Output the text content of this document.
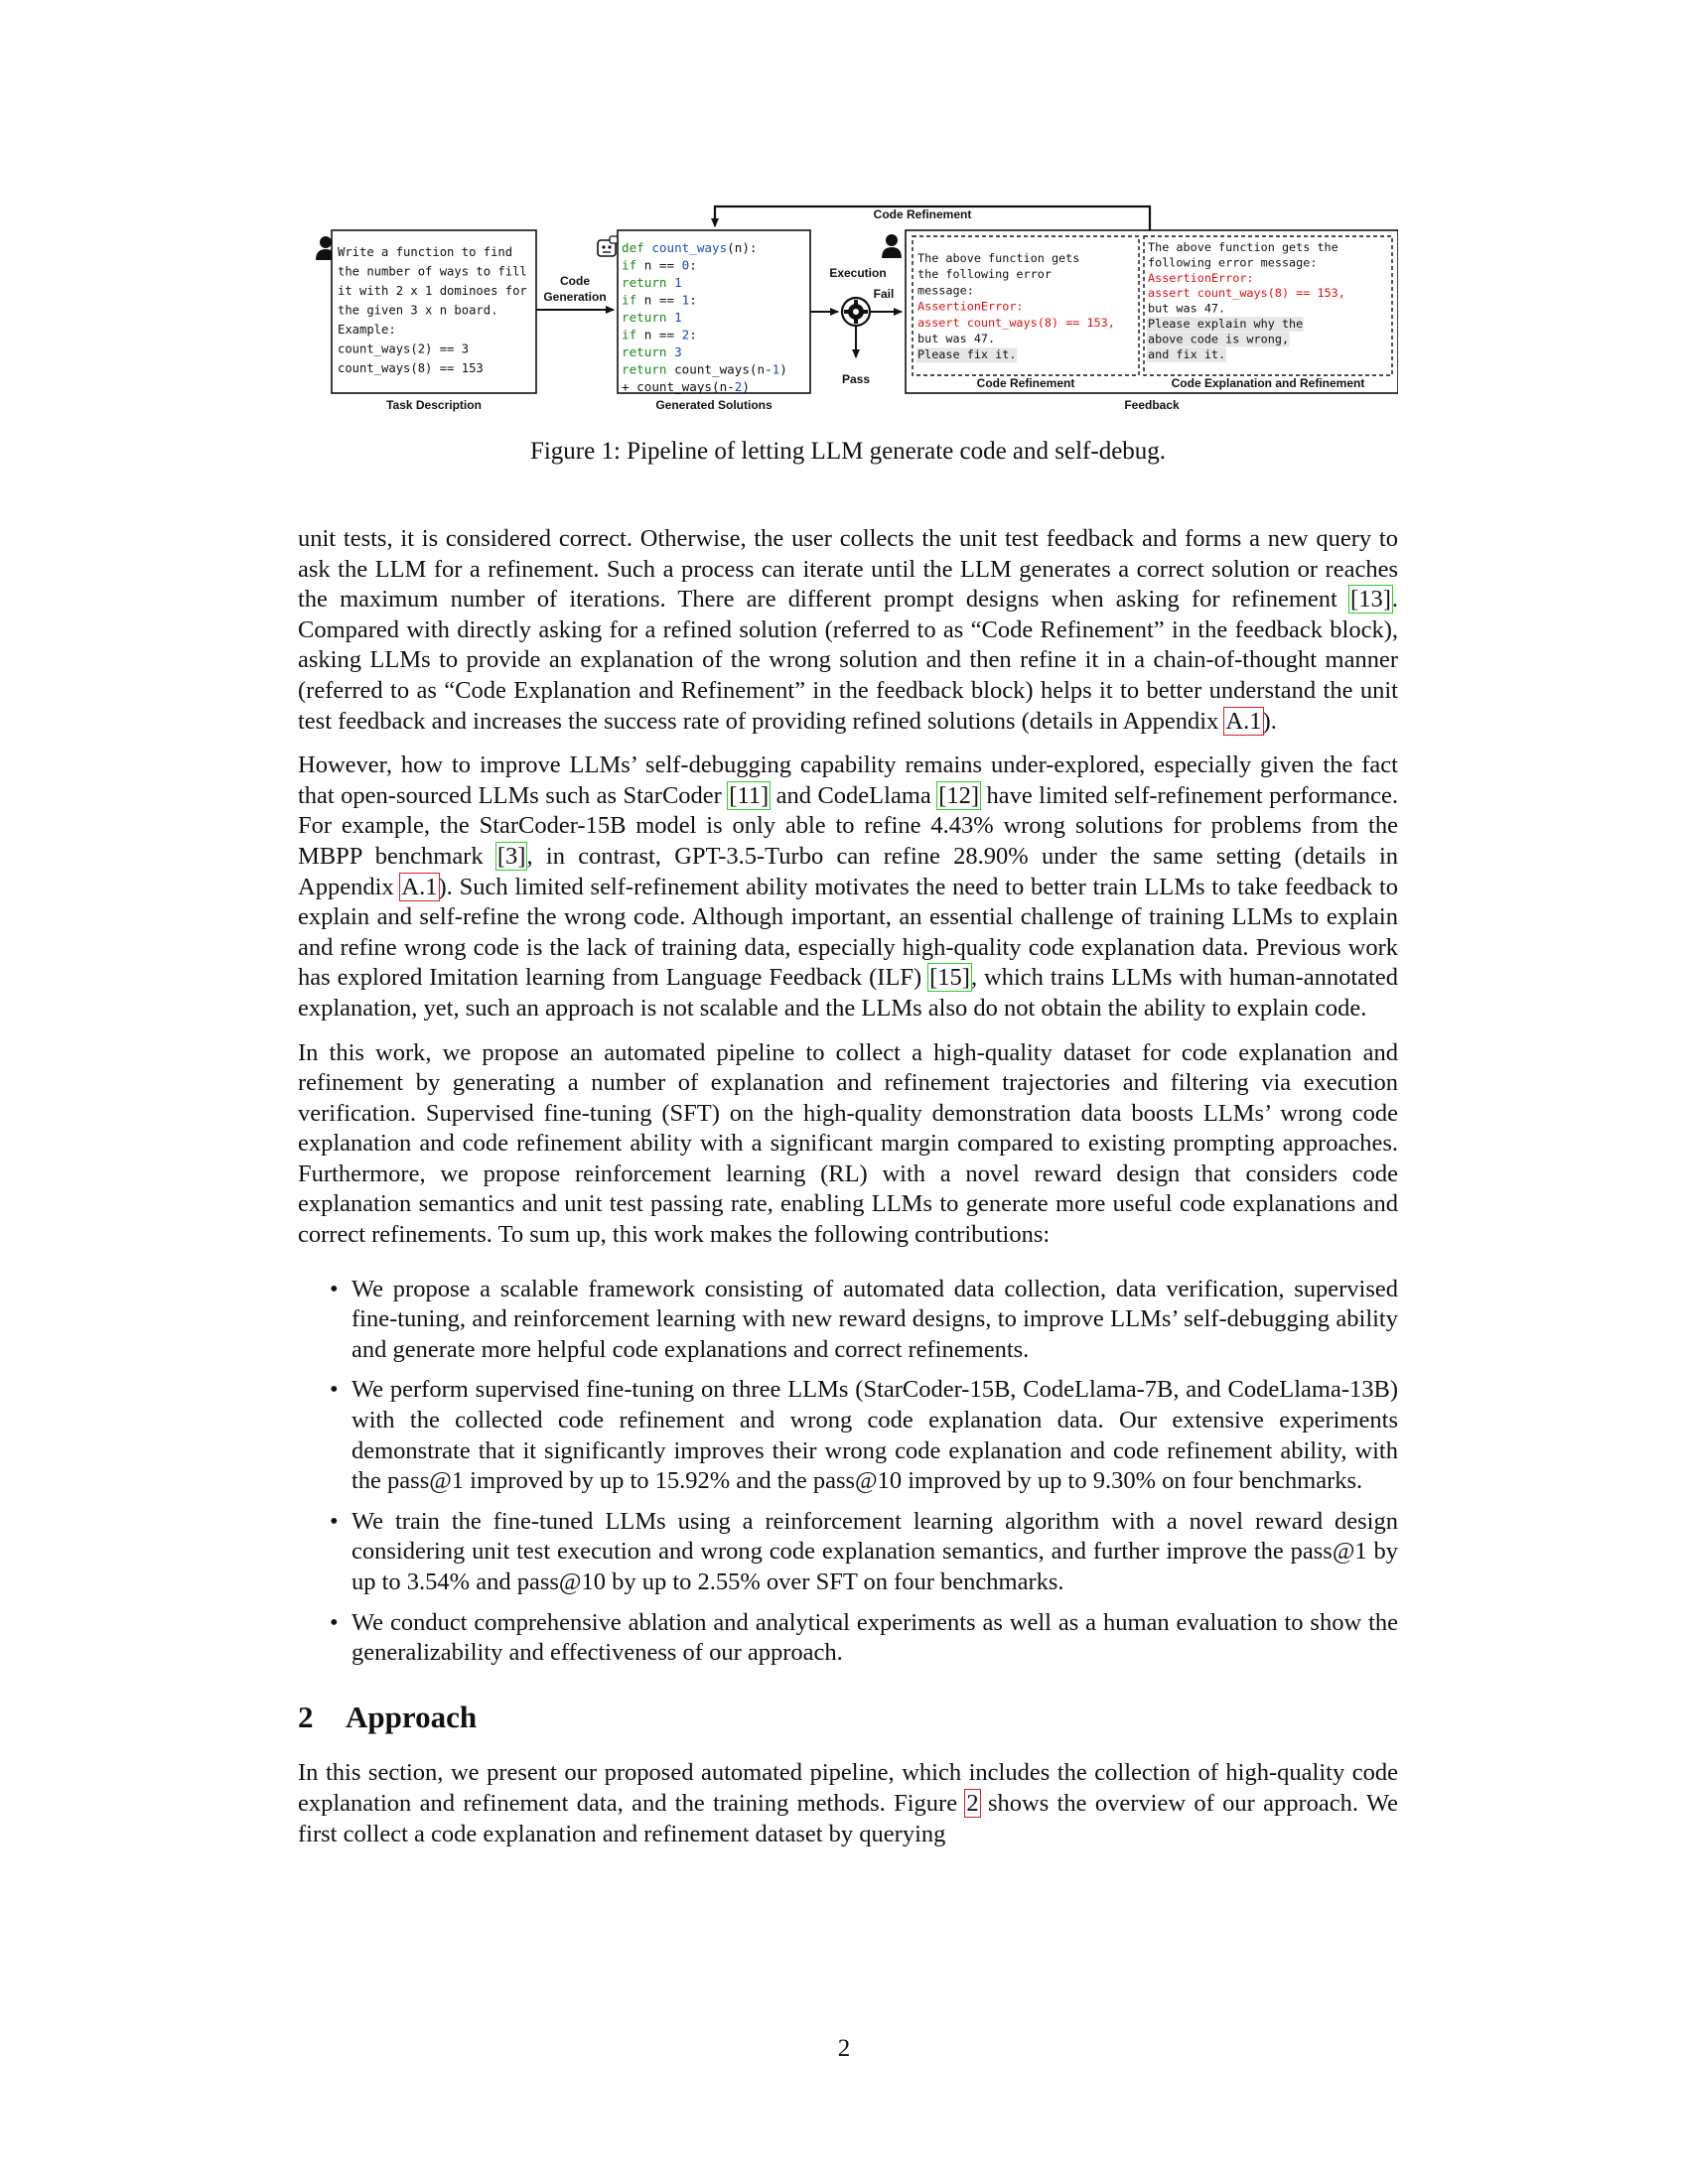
Code Refinement
Write a function to find
the number of ways to fill
it with 2 x 1 dominoes for
the given 3 x n board.
Example:
count_ways(2) == 3
count_ways(8) == 153
Task Description
Code
Generation
def count_ways(n):
if n == 0:
return 1
if n == 1:
return 1
if n == 2:
return 3
return count_ways(n-1)
+ count_ways(n-2)
Generated Solutions
Execution
Fail
Pass
The above function gets
the following error
message:
AssertionError:
assert count_ways(8) == 153,
but was 47.
Please fix it.
The above function gets the
following error message:
AssertionError:
assert count_ways(8) == 153,
but was 47.
Please explain why the
above code is wrong,
and fix it.
Code Refinement	Code Explanation and Refinement
Feedback
Figure 1: Pipeline of letting LLM generate code and self-debug.

unit tests, it is considered correct. Otherwise, the user collects the unit test feedback and forms a new query to ask the LLM for a refinement. Such a process can iterate until the LLM generates a correct solution or reaches the maximum number of iterations. There are different prompt designs when asking for refinement [13]. Compared with directly asking for a refined solution (referred to as “Code Refinement” in the feedback block), asking LLMs to provide an explanation of the wrong solution and then refine it in a chain-of-thought manner (referred to as “Code Explanation and Refinement” in the feedback block) helps it to better understand the unit test feedback and increases the success rate of providing refined solutions (details in Appendix A.1).

However, how to improve LLMs’ self-debugging capability remains under-explored, especially given the fact that open-sourced LLMs such as StarCoder [11] and CodeLlama [12] have limited self-refinement performance. For example, the StarCoder-15B model is only able to refine 4.43% wrong solutions for problems from the MBPP benchmark [3], in contrast, GPT-3.5-Turbo can refine 28.90% under the same setting (details in Appendix A.1). Such limited self-refinement ability motivates the need to better train LLMs to take feedback to explain and self-refine the wrong code. Although important, an essential challenge of training LLMs to explain and refine wrong code is the lack of training data, especially high-quality code explanation data. Previous work has explored Imitation learning from Language Feedback (ILF) [15], which trains LLMs with human-annotated explanation, yet, such an approach is not scalable and the LLMs also do not obtain the ability to explain code.

In this work, we propose an automated pipeline to collect a high-quality dataset for code explanation and refinement by generating a number of explanation and refinement trajectories and filtering via execution verification. Supervised fine-tuning (SFT) on the high-quality demonstration data boosts LLMs’ wrong code explanation and code refinement ability with a significant margin compared to existing prompting approaches. Furthermore, we propose reinforcement learning (RL) with a novel reward design that considers code explanation semantics and unit test passing rate, enabling LLMs to generate more useful code explanations and correct refinements. To sum up, this work makes the following contributions:

• We propose a scalable framework consisting of automated data collection, data verification, supervised fine-tuning, and reinforcement learning with new reward designs, to improve LLMs’ self-debugging ability and generate more helpful code explanations and correct refinements.
• We perform supervised fine-tuning on three LLMs (StarCoder-15B, CodeLlama-7B, and CodeLlama-13B) with the collected code refinement and wrong code explanation data. Our extensive experiments demonstrate that it significantly improves their wrong code explanation and code refinement ability, with the pass@1 improved by up to 15.92% and the pass@10 improved by up to 9.30% on four benchmarks.
• We train the fine-tuned LLMs using a reinforcement learning algorithm with a novel reward design considering unit test execution and wrong code explanation semantics, and further improve the pass@1 by up to 3.54% and pass@10 by up to 2.55% over SFT on four benchmarks.
• We conduct comprehensive ablation and analytical experiments as well as a human evaluation to show the generalizability and effectiveness of our approach.
2 Approach

In this section, we present our proposed automated pipeline, which includes the collection of high-quality code explanation and refinement data, and the training methods. Figure 2 shows the overview of our approach. We first collect a code explanation and refinement dataset by querying

2
